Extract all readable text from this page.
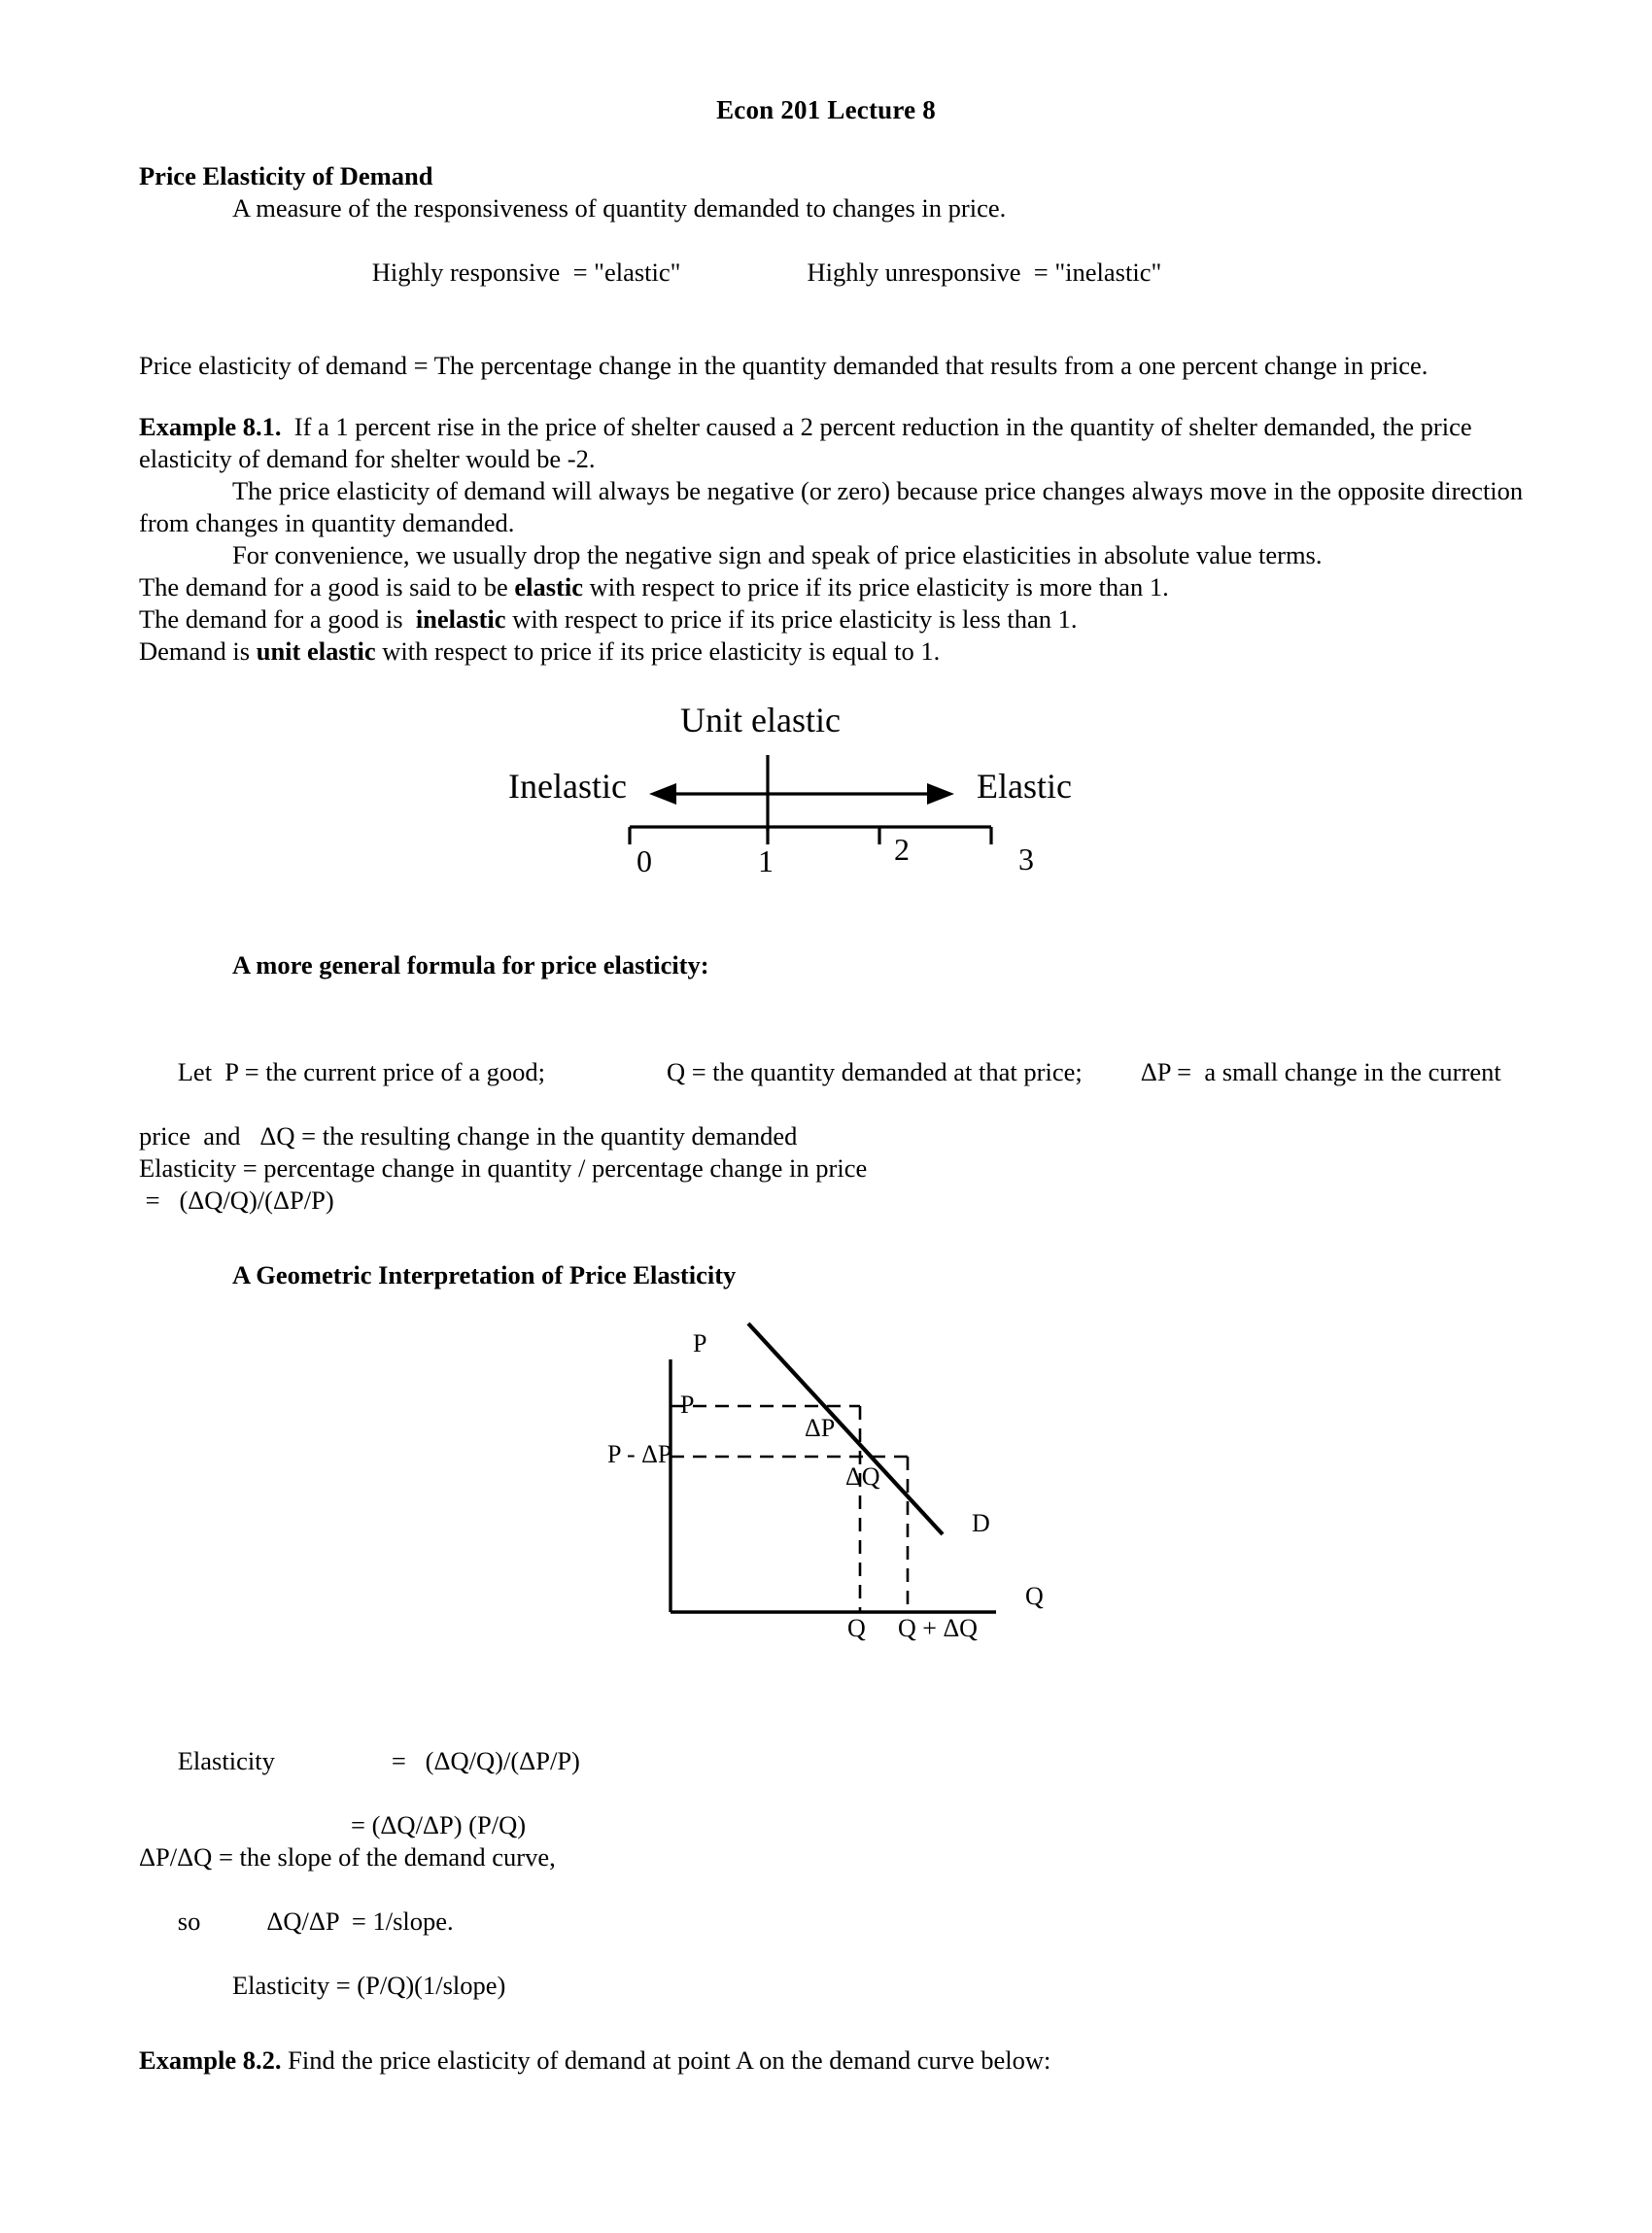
Econ 201 Lecture 8
Price Elasticity of Demand
A measure of the responsiveness of quantity demanded to changes in price.

Highly responsive  = "elastic"	Highly unresponsive  = "inelastic"

Price elasticity of demand = The percentage change in the quantity demanded that results from a one percent change in price.
Example 8.1.  If a 1 percent rise in the price of shelter caused a 2 percent reduction in the quantity of shelter demanded, the price elasticity of demand for shelter would be -2.
The price elasticity of demand will always be negative (or zero) because price changes always move in the opposite direction from changes in quantity demanded.
For convenience, we usually drop the negative sign and speak of price elasticities in absolute value terms.
The demand for a good is said to be elastic with respect to price if its price elasticity is more than 1.
The demand for a good is  inelastic with respect to price if its price elasticity is less than 1.
Demand is unit elastic with respect to price if its price elasticity is equal to 1.
Unit elastic
Inelastic	Elastic
0	1	2	3
A more general formula for price elasticity:

Let  P = the current price of a good;	Q = the quantity demanded at that price; ΔP =  a small change in the current

price  and   ΔQ = the resulting change in the quantity demanded
Elasticity = percentage change in quantity / percentage change in price
=   (ΔQ/Q)/(ΔP/P)
A Geometric Interpretation of Price Elasticity
P
P
P - ΔP
ΔP
ΔQ
D
Q
Q Q + ΔQ

Elasticity	=   (ΔQ/Q)/(ΔP/P)

= (ΔQ/ΔP) (P/Q)
ΔP/ΔQ = the slope of the demand curve,

so	ΔQ/ΔP  = 1/slope.

Elasticity = (P/Q)(1/slope)
Example 8.2. Find the price elasticity of demand at point A on the demand curve below:
